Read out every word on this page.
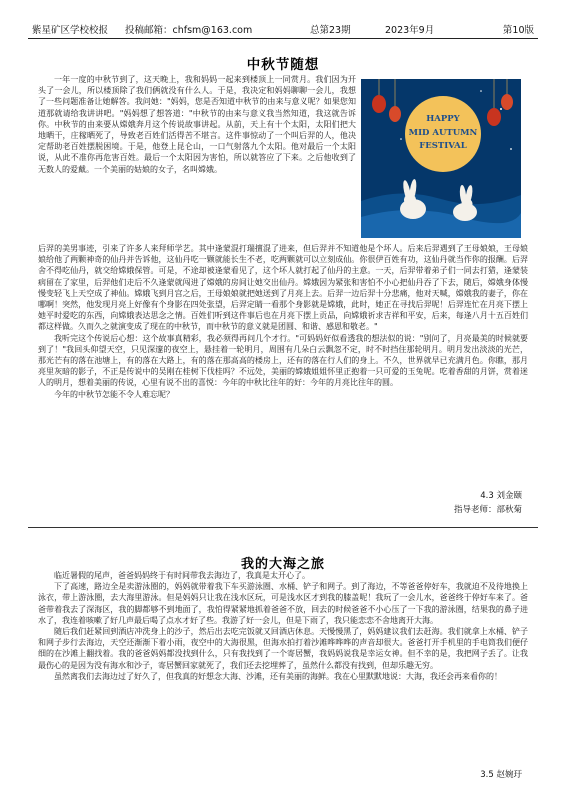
紫星矿区学校校报 投稿邮箱：chfsm@163.com	总第23期	2023年9月	第10版
中秋节随想

一年一度的中秋节到了，这天晚上，我和妈妈一起来到楼顶上一同赏月。我们因为开头了一会儿，所以楼顶除了我们俩就没有什么人。于是，我决定和妈妈聊聊一会儿，我想了一些问题准备让她解答。我问她："妈妈，您是否知道中秋节的由来与意义呢？如果您知道那就请给我讲讲吧。"妈妈想了想答道："中秋节的由来与意义我当然知道，我这就告诉你。中秋节的由来要从嫦娥奔月这个传说故事讲起。从前，天上有十个太阳，太阳们把大地晒干，庄稼晒死了，导致老百姓们活得苦不堪言。这件事惊动了一个叫后羿的人，他决定帮助老百姓摆脱困境。于是，他登上昆仑山，一口气射落九个太阳。他对最后一个太阳说，从此不准你再危害百姓。最后一个太阳因为害怕，所以就答应了下来。之后他收到了无数人的爱戴。一个美丽的姑娘的女子，名叫嫦娥。

HAPPY
MID AUTUMN
FESTIVAL

后羿的美男事迹，引来了许多人来拜师学艺。其中逢蒙混打瑞擅混了进来，但后羿并不知道他是个坏人。后来后羿遇到了王母娘娘，王母娘娘给他了两颗神奇的仙丹并告诉他，这仙丹吃一颗就能长生不老，吃两颗就可以立刻成仙。你很伊百姓有功，这仙丹就当作你的报酬。后羿舍不得吃仙丹，就交给嫦娥保管。可是，不途却被逢蒙看见了，这个坏人就打起了仙丹的主意。一天，后羿带着弟子们一同去打猎，逢蒙装病留在了家里，后羿他们走后不久逢蒙就闯进了嫦娥的房间让她交出仙丹。嫦娥因为紧张和害怕不小心把仙丹吞了下去，随后，嫦娥身体慢慢变轻飞上天空成了神仙。嫦娥飞到月宫之后，王母娘娘就把她送到了月亮上去。后羿一边后羿十分悲痛，他对天喊，嫦娥我的妻子，你在哪啊！突然，他发现月亮上好像有个身影在四处张望，后羿定睛一看那个身影就是嫦娥，此时，她正在寻找后羿呢！后羿连忙在月亮下摆上她平时爱吃的东西，向嫦娥表达思念之情。百姓们听到这件事后也在月亮下摆上贡品，向嫦娥祈求吉祥和平安，后来，每逢八月十五百姓们都这样做。久而久之就演变成了现在的中秋节，而中秋节的意义就是团圆、和谐、感恩和敬老。"

我听完这个传说后心想：这个故事真精彩，我必须得再问几个才行。"可妈妈好似看透我的想法似的说："别问了，月亮最美的时候就要到了！"我回头仰望天空，只见深邃的夜空上，悬挂着一轮明月，周围有几朵白云飘忽不定，时不时挡住那轮明月。明月发出淡淡的光芒，那光芒有的落在池塘上，有的落在大路上，有的落在那高高的楼房上，还有的落在行人们的身上。不久，世界就早已充满月色。你瞧，那月亮里灰暗的影子，不正是传说中的吴刚在桂树下伐桂吗？不远处，美丽的嫦娥姐姐怀里正抱着一只可爱的玉兔呢。吃着香甜的月饼，赏着迷人的明月，想着美丽的传说，心里有说不出的喜悦：今年的中秋比往年的好：今年的月亮比往年的圆。

今年的中秋节怎能不令人难忘呢？

4.3 刘金颐
指导老师：部秋菊
我的大海之旅

临近暑假的尾声，爸爸妈妈终于有时间带我去海边了，我真是太开心了。

下了高速，路边全是卖游泳圈的，妈妈就带着我下车买游泳圈、水桶、铲子和网子。到了海边，不等爸爸停好车，我就迫不及待地换上泳衣，带上游泳圈，去大海里游泳。但是妈妈只让我在浅水区玩，可是浅水区才到我的膝盖呢！我玩了一会儿水，爸爸终于停好车来了。爸爸带着我去了深海区，我的脚都够不到地面了，我怕得紧紧地抓着爸爸不放，回去的时候爸爸不小心压了一下我的游泳圈，结果我的鼻子进水了，我连着咳嗽了好几声最后喝了点水才好了些。我游了好一会儿，但是下雨了，我只能恋恋不舍地离开大海。

随后我们赶紧回到酒店冲洗身上的沙子，然后出去吃完饭就又回酒店休息。天慢慢黑了，妈妈建议我们去赶海。我们就拿上水桶、铲子和网子步行去海边，天空还渐渐下着小雨，夜空中的大海很黑，但海水拍打着沙滩哗哗哗的声音却很大。爸爸打开手机里的手电筒我们便仔细的在沙滩上翻找着。我的爸爸妈妈都没找到什么，只有我找到了一个寄居蟹，我妈妈说我是幸运女神。但不幸的是，我把网子丢了。让我最伤心的是因为没有海水和沙子，寄居蟹回家就死了，我们还去挖埋葬了，虽然什么都没有找到，但却乐趣无穷。

虽然离我们去海边过了好久了，但我真的好想念大海、沙滩，还有美丽的海鲜。我在心里默默地说：大海，我还会再来看你的！

3.5 赵婉玗
